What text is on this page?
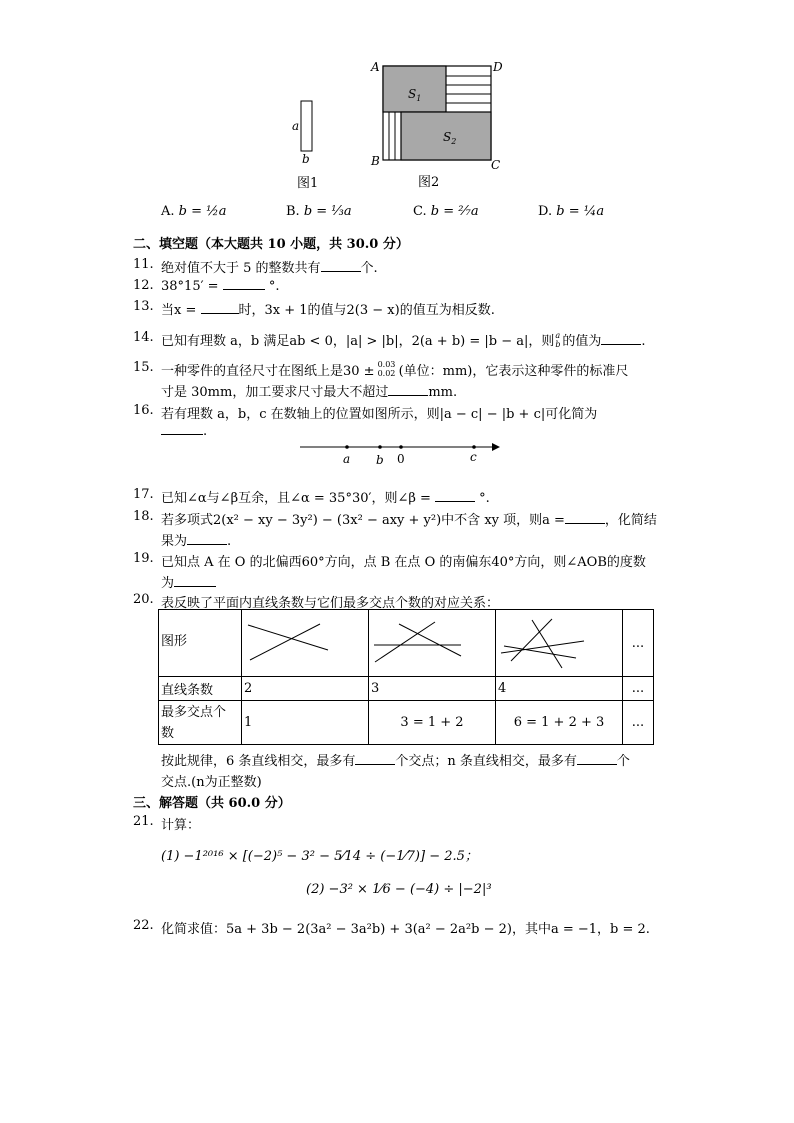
a
b
A	D
B	C
$S_1$
$S_2$
图1	图2
A. b = ½a	B. b = ⅓a	C. b = ²⁄₇a	D. b = ¼a
二、填空题（本大题共 10 小题，共 30.0 分）
11. 绝对值不大于 5 的整数共有	个.
12. 38°15′ =	°.
13. 当x =	时，3x + 1的值与2(3 − x)的值互为相反数.
14. 已知有理数 a，b 满足ab < 0，|a| > |b|，2(a + b) = |b − a|，则 a
b 的值为	.
15. 一种零件的直径尺寸在图纸上是30 ± 0.03
0.02 (单位：mm)，它表示这种零件的标准尺
寸是 30mm，加工要求尺寸最大不超过	mm.
16. 若有理数 a，b，c 在数轴上的位置如图所示，则|a − c| − |b + c|可化简为
.
a b 0	c
17. 已知∠α与∠β互余，且∠α = 35°30′，则∠β =	°.
18. 若多项式2(x² − xy − 3y²) − (3x² − axy + y²)中不含 xy 项，则a =	，化简结
果为	.
19. 已知点 A 在 O 的北偏西60°方向，点 B 在点 O 的南偏东40°方向，则∠AOB的度数
为
20. 表反映了平面内直线条数与它们最多交点个数的对应关系：
图形				...
直线条数	2	3	4	...
最多交点个数	1	3 = 1 + 2	6 = 1 + 2 + 3	...
按此规律，6 条直线相交，最多有	个交点；n 条直线相交，最多有	个
交点.(n为正整数)
三、解答题（共 60.0 分）
21. 计算：
(1) −1²⁰¹⁶ × [(−2)⁵ − 3² − 5⁄14 ÷ (−1⁄7)] − 2.5；
(2) −3² × 1⁄6 − (−4) ÷ |−2|³
22. 化简求值：5a + 3b − 2(3a² − 3a²b) + 3(a² − 2a²b − 2)，其中a = −1，b = 2.
